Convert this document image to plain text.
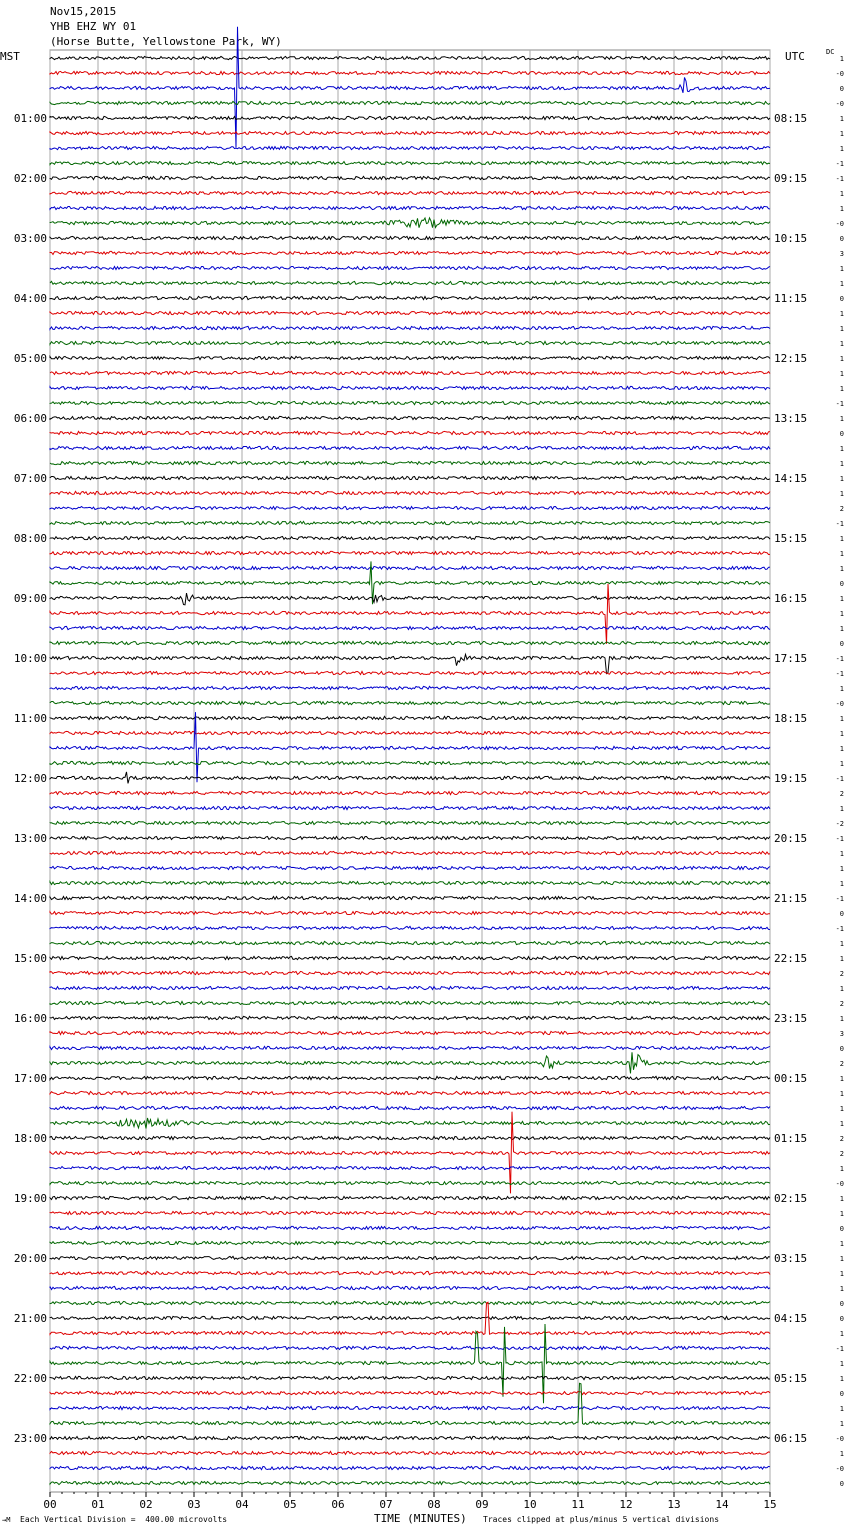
Nov15,2015
YHB EHZ WY 01
(Horse Butte, Yellowstone Park, WY)
MST	UTC	DC
00	01	02	03	04	05	06	07	08	09	10	11	12	13	14	15
1
-0
0
-0
1
1
1
-1
-1
1
1
-0
0
3
1
1
0
1
1
1
1
1
1
-1
1
0
1
1
1
1
2
-1
1
1
1
0
1
1
1
0
-1
-1
1
-0
1
1
1
1
-1
2
1
-2
-1
1
1
1
-1
0
-1
1
1
2
1
2
1
3
0
2
1
1
1
1
2
2
1
-0
1
1
0
1
1
1
1
0
0
1
-1
1
1
0
1
1
-0
1
-0
0
01:00
02:00
03:00
04:00
05:00
06:00
07:00
08:00
09:00
10:00
11:00
12:00
13:00
14:00
15:00
16:00
17:00
18:00
19:00
20:00
21:00
22:00
23:00
08:15
09:15
10:15
11:15
12:15
13:15
14:15
15:15
16:15
17:15
18:15
19:15
20:15
21:15
22:15
23:15
00:15
01:15
02:15
03:15
04:15
05:15
06:15
→M Each Vertical Division =  400.00 microvolts	TIME (MINUTES) Traces clipped at plus/minus 5 vertical divisions
